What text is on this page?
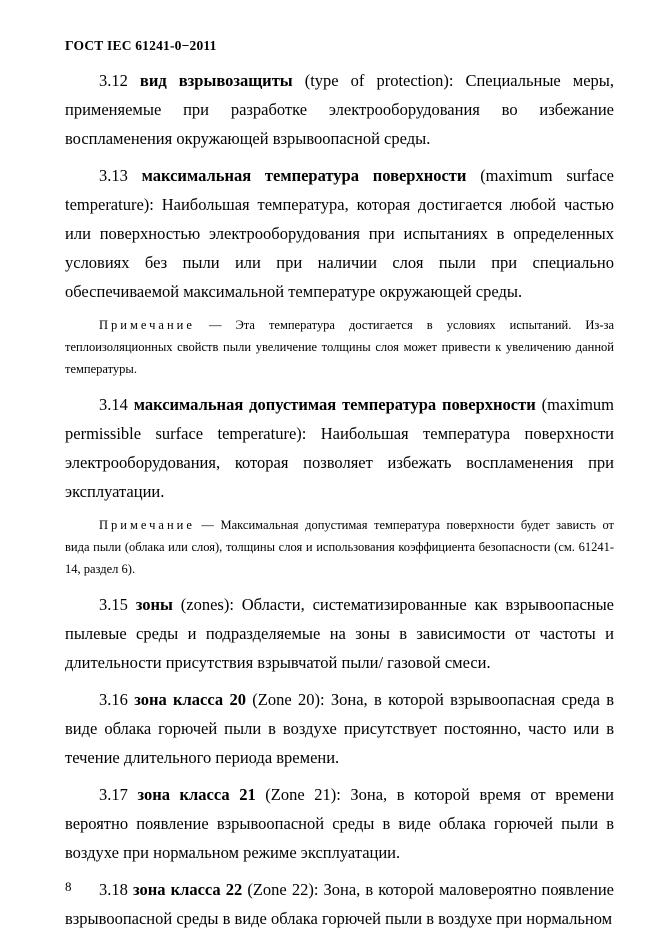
ГОСТ IEC 61241-0−2011

3.12 вид взрывозащиты (type of protection): Специальные меры, применяемые при разработке электрооборудования во избежание воспламенения окружающей взрывоопасной среды.

3.13 максимальная температура поверхности (maximum surface temperature): Наибольшая температура, которая достигается любой частью или поверхностью электрооборудования при испытаниях в определенных условиях без пыли или при наличии слоя пыли при специально обеспечиваемой максимальной температуре окружающей среды.

Примечание — Эта температура достигается в условиях испытаний. Из-за теплоизоляционных свойств пыли увеличение толщины слоя может привести к увеличению данной температуры.

3.14 максимальная допустимая температура поверхности (maximum permissible surface temperature): Наибольшая температура поверхности электрооборудования, которая позволяет избежать воспламенения при эксплуатации.

Примечание — Максимальная допустимая температура поверхности будет зависть от вида пыли (облака или слоя), толщины слоя и использования коэффициента безопасности (см. 61241-14, раздел 6).

3.15 зоны (zones): Области, систематизированные как взрывоопасные пылевые среды и подразделяемые на зоны в зависимости от частоты и длительности присутствия взрывчатой пыли/ газовой смеси.

3.16 зона класса 20 (Zone 20): Зона, в которой взрывоопасная среда в виде облака горючей пыли в воздухе присутствует постоянно, часто или в течение длительного периода времени.

3.17 зона класса 21 (Zone 21): Зона, в которой время от времени вероятно появление взрывоопасной среды в виде облака горючей пыли в воздухе при нормальном режиме эксплуатации.

3.18 зона класса 22 (Zone 22): Зона, в которой маловероятно появление взрывоопасной среды в виде облака горючей пыли в воздухе при нормальном

8
